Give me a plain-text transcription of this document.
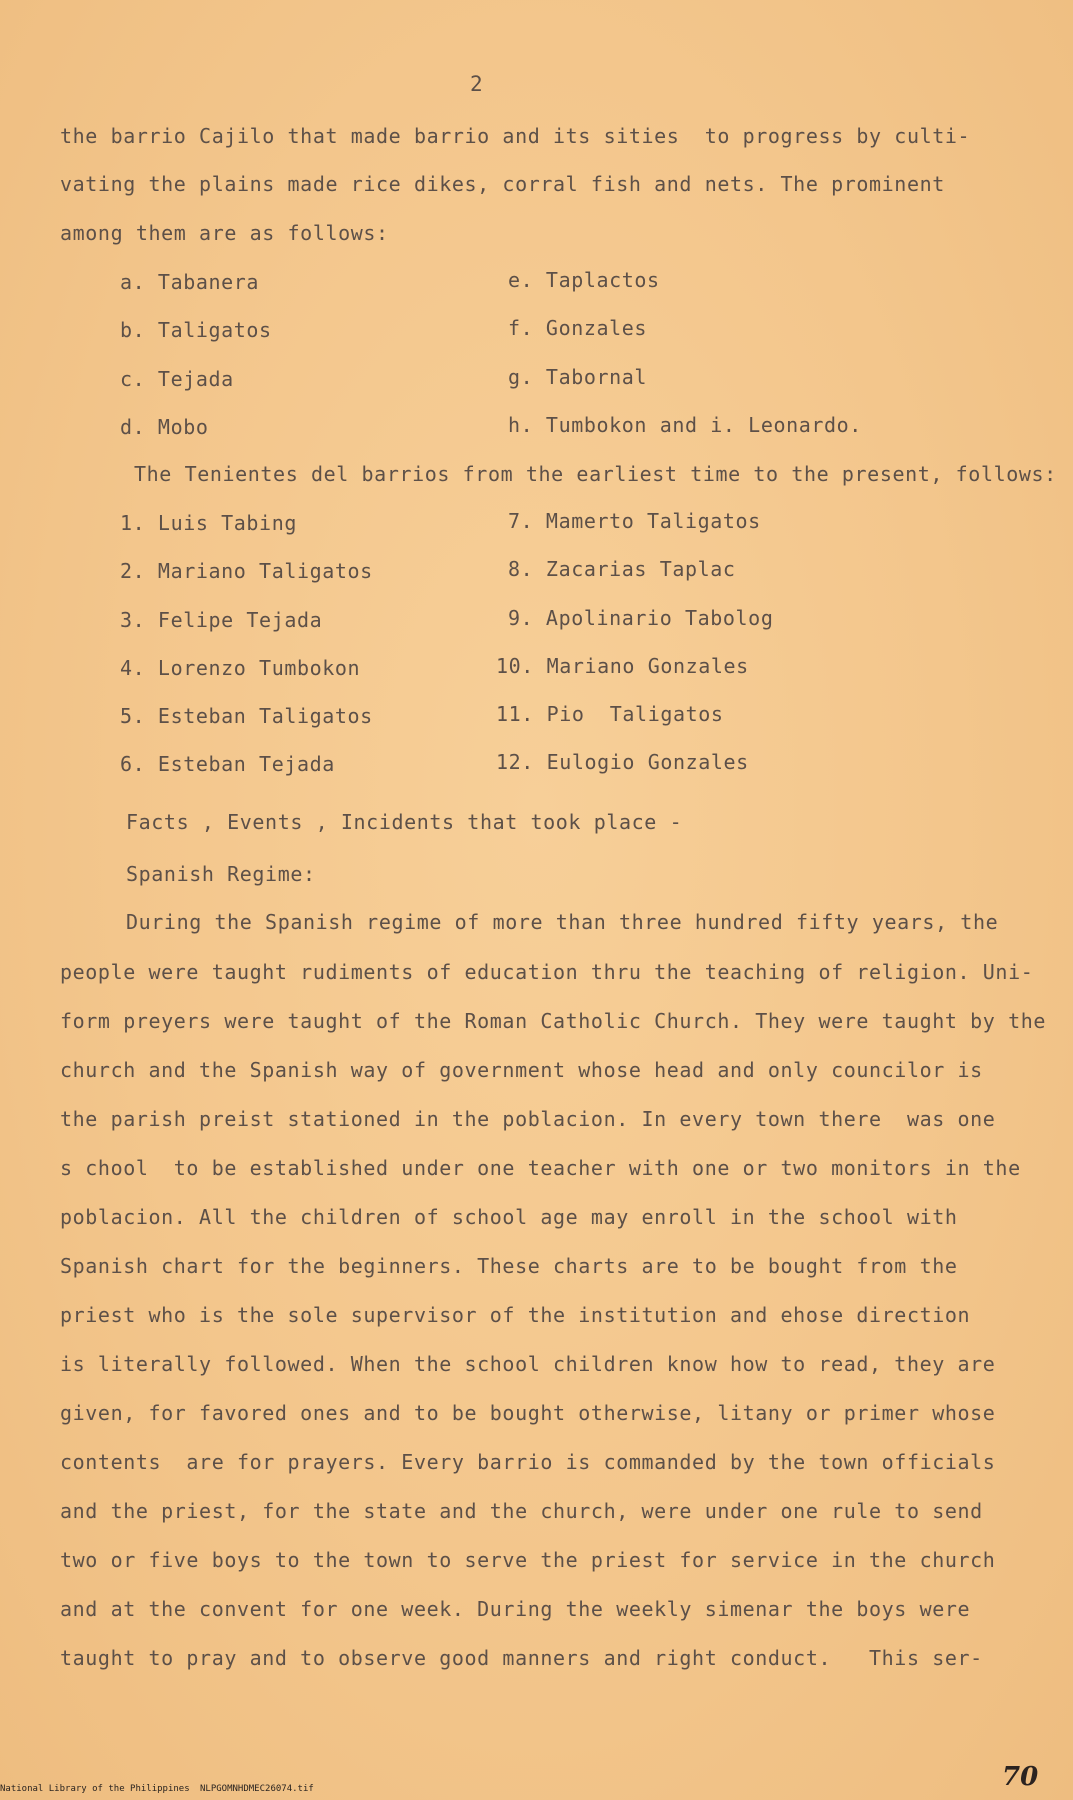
2
the barrio Cajilo that made barrio and its sities  to progress by culti-
vating the plains made rice dikes, corral fish and nets. The prominent
among them are as follows:
a. Tabanera
b. Taligatos
c. Tejada
d. Mobo
e. Taplactos
f. Gonzales
g. Tabornal
h. Tumbokon and i. Leonardo.
The Tenientes del barrios from the earliest time to the present, follows:
1. Luis Tabing
2. Mariano Taligatos
3. Felipe Tejada
4. Lorenzo Tumbokon
5. Esteban Taligatos
6. Esteban Tejada
7. Mamerto Taligatos
8. Zacarias Taplac
9. Apolinario Tabolog
10. Mariano Gonzales
11. Pio  Taligatos
12. Eulogio Gonzales
Facts , Events , Incidents that took place -
Spanish Regime:
During the Spanish regime of more than three hundred fifty years, the
people were taught rudiments of education thru the teaching of religion. Uni-
form preyers were taught of the Roman Catholic Church. They were taught by the
church and the Spanish way of government whose head and only councilor is
the parish preist stationed in the poblacion. In every town there  was one
s chool  to be established under one teacher with one or two monitors in the
poblacion. All the children of school age may enroll in the school with
Spanish chart for the beginners. These charts are to be bought from the
priest who is the sole supervisor of the institution and ehose direction
is literally followed. When the school children know how to read, they are
given, for favored ones and to be bought otherwise, litany or primer whose
contents  are for prayers. Every barrio is commanded by the town officials
and the priest, for the state and the church, were under one rule to send
two or five boys to the town to serve the priest for service in the church
and at the convent for one week. During the weekly simenar the boys were
taught to pray and to observe good manners and right conduct.   This ser-
National Library of the Philippines NLPGOMNHDMEC26074.tif	70
